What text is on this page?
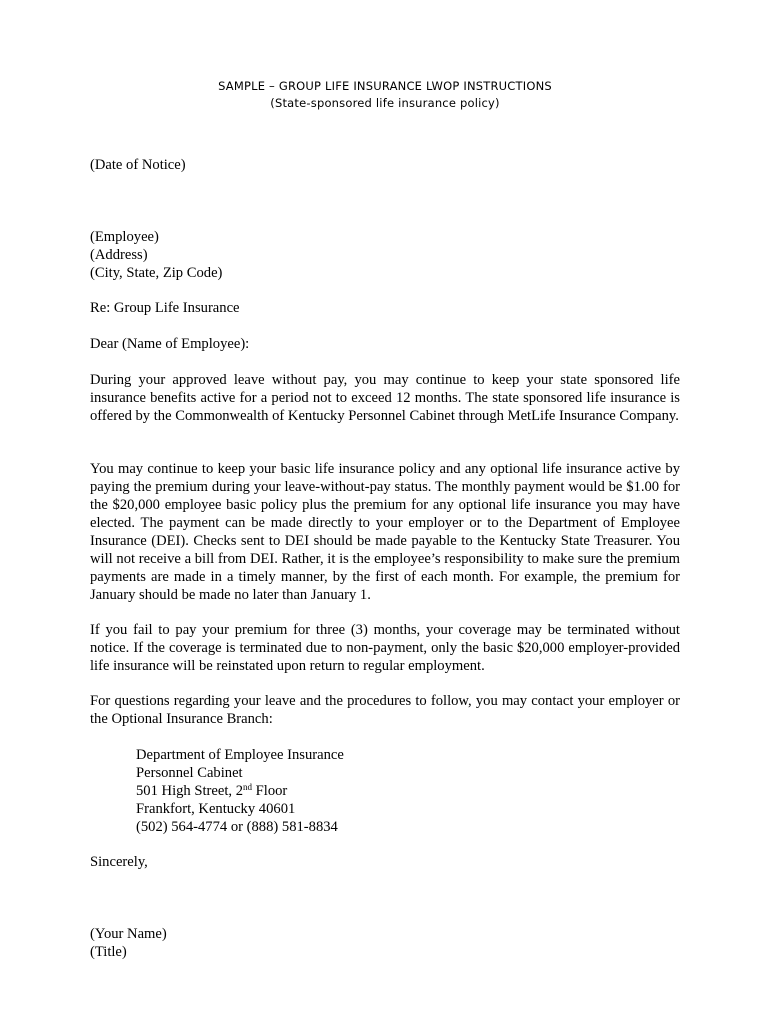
SAMPLE – GROUP LIFE INSURANCE LWOP INSTRUCTIONS
(State-sponsored life insurance policy)
(Date of Notice)
(Employee)
(Address)
(City, State, Zip Code)
Re: Group Life Insurance
Dear (Name of Employee):
During your approved leave without pay, you may continue to keep your state sponsored life insurance benefits active for a period not to exceed 12 months. The state sponsored life insurance is offered by the Commonwealth of Kentucky Personnel Cabinet through MetLife Insurance Company.
You may continue to keep your basic life insurance policy and any optional life insurance active by paying the premium during your leave-without-pay status. The monthly payment would be $1.00 for the $20,000 employee basic policy plus the premium for any optional life insurance you may have elected. The payment can be made directly to your employer or to the Department of Employee Insurance (DEI). Checks sent to DEI should be made payable to the Kentucky State Treasurer. You will not receive a bill from DEI. Rather, it is the employee’s responsibility to make sure the premium payments are made in a timely manner, by the first of each month. For example, the premium for January should be made no later than January 1.
If you fail to pay your premium for three (3) months, your coverage may be terminated without notice. If the coverage is terminated due to non-payment, only the basic $20,000 employer-provided life insurance will be reinstated upon return to regular employment.
For questions regarding your leave and the procedures to follow, you may contact your employer or the Optional Insurance Branch:
Department of Employee Insurance
Personnel Cabinet
501 High Street, 2nd Floor
Frankfort, Kentucky 40601
(502) 564-4774 or (888) 581-8834
Sincerely,
(Your Name)
(Title)
